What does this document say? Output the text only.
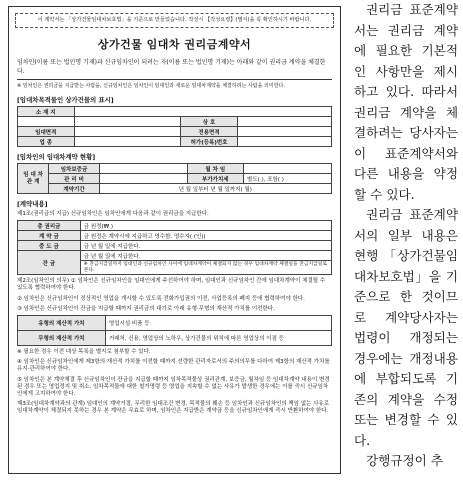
이 계약서는 「상가건물임대차보호법」을 기준으로 만들었습니다. 작성시 【작성요령】(별지)을 꼭 확인하시기 바랍니다.
상가건물 임대차 권리금계약서
임차인(이름 또는 법인명 기재)과 신규임차인이 되려는 자(이름 또는 법인명 기재)는 아래와 같이 권리금 계약을 체결한다.
※ 임차인은 권리금을 지급받는 사람을, 신규임차인은 임차인이 임대인과 새로운 임대차계약을 체결하려는 사람을 의미한다.
[임대차목적물인 상가건물의 표시]
소 재 지			
		상 호	
임대면적		전용면적	
업 종		허가(등록)번호	
[임차인의 임대차계약 현황]
임 대 차 관 계	임차보증금		월 차 임	
	관 리 비		부가가치세	별도( ), 포함( )
	계약기간	년 월 일부터 년 월 일까지( 월)		
[계약내용]
제1조(권리금의 지급) 신규임차인은 임차인에게 다음과 같이 권리금을 지급한다.
총 권리금	금 원정(₩ )
계 약 금	금 원정은 계약시에 지급하고 영수함. 영수자( (인))
중 도 금	금 년 월 일에 지급한다.
잔 금	금 년 월 일에 지급한다.
	※ 잔금지급일까지 임대인과 신규임차인 사이에 임대차계약이 체결되지 않는 경우 임대차계약 체결일을 잔금지급일로 본다.
제2조(임차인의 의무) ① 임차인은 신규임차인을 임대인에게 주선하여야 하며, 임대인과 신규임차인 간에 임대차계약이 체결될 수 있도록 협력하여야 한다.
② 임차인은 신규임차인이 정상적인 영업을 개시할 수 있도록 전화가입권의 이전, 사업등록의 폐지 등에 협력하여야 한다.
③ 임차인은 신규임차인이 잔금을 지급할 때까지 권리금의 대가로 아래 유형·무형의 재산적 가치를 이전한다.
유형의 재산적 가치	영업시설·비품 등
무형의 재산적 가치	거래처, 신용, 영업상의 노하우, 상가건물의 위치에 따른 영업상의 이점 등
※ 필요한 경우 이전 대상 목록을 별지로 첨부할 수 있다.
④ 임차인은 신규임차인에게 제3항의 재산적 가치를 이전할 때까지 선량한 관리자로서의 주의의무를 다하여 제3항의 재산적 가치를 유지·관리하여야 한다.
⑤ 임차인은 본 계약체결 후 신규임차인이 잔금을 지급할 때까지 임차목적물상 권리관계, 보증금, 월차임 등 임대차계약 내용이 변경된 경우 또는 영업정지 및 취소, 임차목적물에 대한 철거명령 등 영업을 지속할 수 없는 사유가 발생한 경우에는 이를 즉시 신규임차인에게 고지하여야 한다.
제3조(임대차계약과의 관계) 임대인의 계약거절, 무리한 임대조건 변경, 목적물의 훼손 등 임차인과 신규임차인의 책임 없는 사유로 임대차계약이 체결되지 못하는 경우 본 계약은 무효로 하며, 임차인은 지급받은 계약금 등을 신규임차인에게 즉시 반환하여야 한다.

권리금 표준계약서는 권리금 계약에 필요한 기본적인 사항만을 제시하고 있다. 따라서 권리금 계약을 체결하려는 당사자는 이 표준계약서와 다른 내용을 약정할 수 있다.

권리금 표준계약서의 일부 내용은 현행 「상가건물임대차보호법」을 기준으로 한 것이므로 계약당사자는 법령이 개정되는 경우에는 개정내용에 부합되도록 기존의 계약을 수정 또는 변경할 수 있다.

강행규정이 추
